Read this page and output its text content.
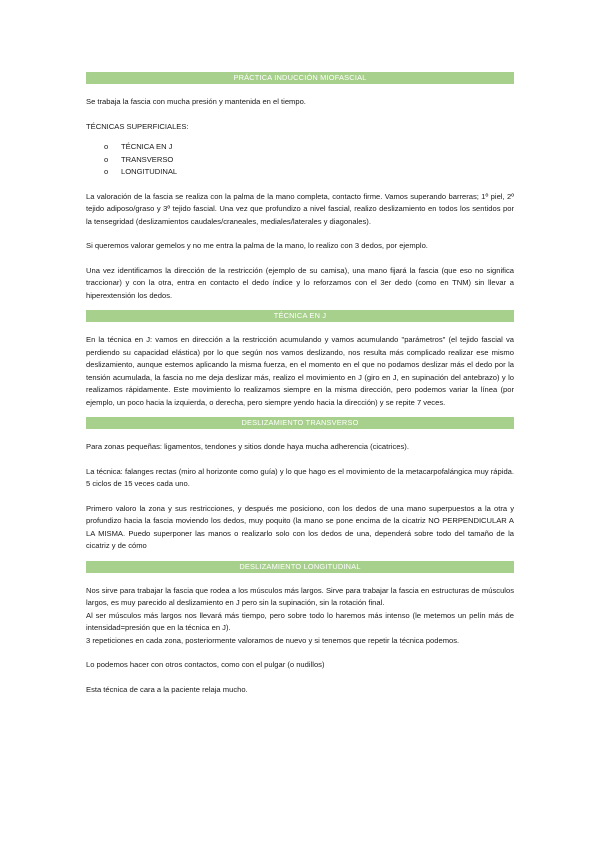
PRÁCTICA INDUCCIÓN MIOFASCIAL

Se trabaja la fascia con mucha presión y mantenida en el tiempo.

TÉCNICAS SUPERFICIALES:

o	TÉCNICA EN J
o	TRANSVERSO
o	LONGITUDINAL

La valoración de la fascia se realiza con la palma de la mano completa, contacto firme. Vamos superando barreras; 1º piel, 2º tejido adiposo/graso y 3º tejido fascial. Una vez que profundizo a nivel fascial, realizo deslizamiento en todos los sentidos por la tensegridad (deslizamientos caudales/craneales, mediales/laterales y diagonales).

Si queremos valorar gemelos y no me entra la palma de la mano, lo realizo con 3 dedos, por ejemplo.

Una vez identificamos la dirección de la restricción (ejemplo de su camisa), una mano fijará la fascia (que eso no significa traccionar) y con la otra, entra en contacto el dedo índice y lo reforzamos con el 3er dedo (como en TNM) sin llevar a hiperextensión los dedos.

TÉCNICA EN J

En la técnica en J: vamos en dirección a la restricción acumulando y vamos acumulando "parámetros" (el tejido fascial va perdiendo su capacidad elástica) por lo que según nos vamos deslizando, nos resulta más complicado realizar ese mismo deslizamiento, aunque estemos aplicando la misma fuerza, en el momento en el que no podamos deslizar más el dedo por la tensión acumulada, la fascia no me deja deslizar más, realizo el movimiento en J (giro en J, en supinación del antebrazo) y lo realizamos rápidamente. Este movimiento lo realizamos siempre en la misma dirección, pero podemos variar la línea (por ejemplo, un poco hacia la izquierda, o derecha, pero siempre yendo hacia la dirección) y se repite 7 veces.

DESLIZAMIENTO TRANSVERSO

Para zonas pequeñas: ligamentos, tendones y sitios donde haya mucha adherencia (cicatrices).

La técnica: falanges rectas (miro al horizonte como guía) y lo que hago es el movimiento de la metacarpofalángica muy rápida. 5 ciclos de 15 veces cada uno.

Primero valoro la zona y sus restricciones, y después me posiciono, con los dedos de una mano superpuestos a la otra y profundizo hacia la fascia moviendo los dedos, muy poquito (la mano se pone encima de la cicatriz NO PERPENDICULAR A LA MISMA. Puedo superponer las manos o realizarlo solo con los dedos de una, dependerá sobre todo del tamaño de la cicatriz y de cómo

DESLIZAMIENTO LONGITUDINAL

Nos sirve para trabajar la fascia que rodea a los músculos más largos. Sirve para trabajar la fascia en estructuras de músculos largos, es muy parecido al deslizamiento en J pero sin la supinación, sin la rotación final.

Al ser músculos más largos nos llevará más tiempo, pero sobre todo lo haremos más intenso (le metemos un pelín más de intensidad=presión que en la técnica en J).

3 repeticiones en cada zona, posteriormente valoramos de nuevo y si tenemos que repetir la técnica podemos.

Lo podemos hacer con otros contactos, como con el pulgar (o nudillos)

Esta técnica de cara a la paciente relaja mucho.
